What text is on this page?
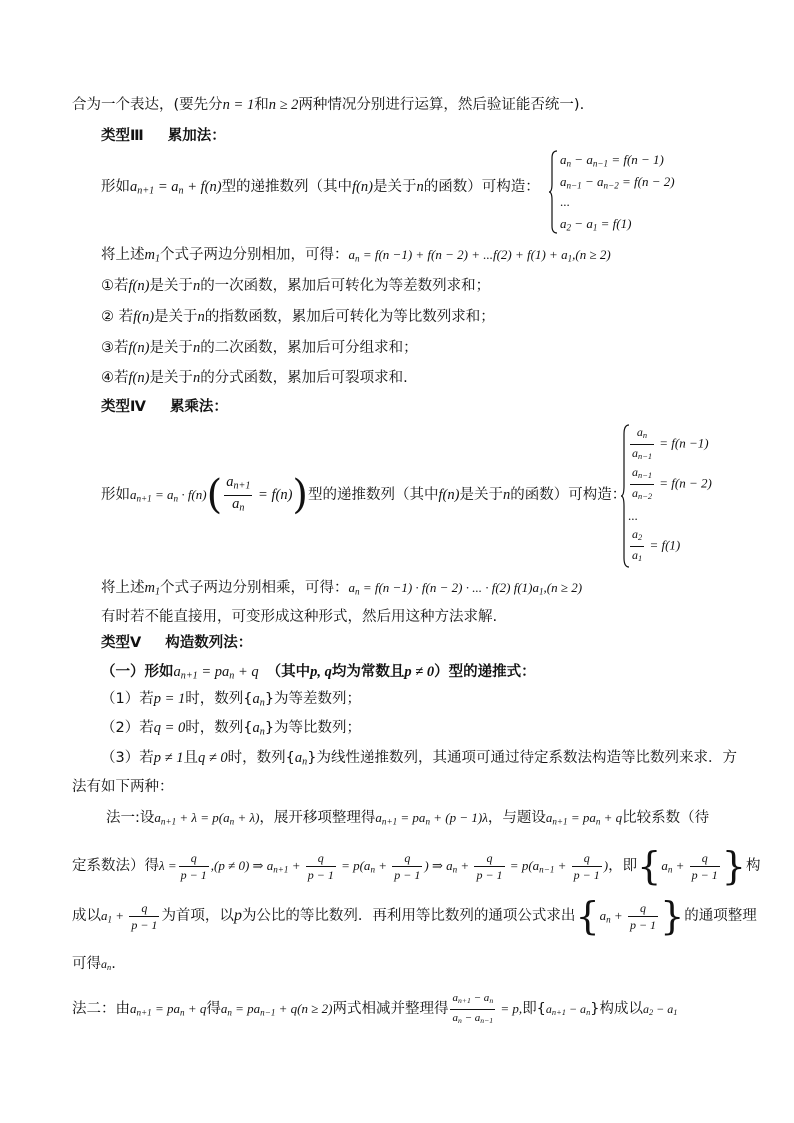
合为一个表达，(要先分n = 1和n ≥ 2两种情况分别进行运算，然后验证能否统一).
类型Ⅲ 累加法：
形如$a_{n+1} = a_n + f(n)$型的递推数列（其中f(n)是关于n的函数）可构造：
$a_n - a_{n-1} = f(n - 1)$
$a_{n-1} - a_{n-2} = f(n - 2)$
...
$a_2 - a_1 = f(1)$
将上述$m_1$个式子两边分别相加，可得：$a_n = f(n -1) + f(n - 2) + ...f(2) + f(1) + a_1,(n \ge 2)$
①若f(n)是关于n的一次函数，累加后可转化为等差数列求和；
② 若f(n)是关于n的指数函数，累加后可转化为等比数列求和；
③若f(n)是关于n的二次函数，累加后可分组求和；
④若f(n)是关于n的分式函数，累加后可裂项求和.
类型Ⅳ 累乘法：
形如$a_{n+1} = a_n \cdot f(n)( \frac{a_{n+1}}{a_n} = f(n))$型的递推数列（其中f(n)是关于n的函数）可构造：
$\frac{a_n}{a_{n-1}} = f(n -1)$
$\frac{a_{n-1}}{a_{n-2}} = f(n - 2)$
...
$\frac{a_2}{a_1} = f(1)$
将上述$m_1$个式子两边分别相乘，可得：$a_n = f(n -1) \cdot f(n - 2)$ · ... · f(2) $f(1)a_1,(n \ge 2)$
有时若不能直接用，可变形成这种形式，然后用这种方法求解.
类型Ⅴ 构造数列法：
（一）形如$a_{n+1} = pa_n + q$ （其中p, q均为常数且p ≠ 0）型的递推式：
（1）若p = 1时，数列$\{a_n\}$为等差数列；
（2）若q = 0时，数列$\{a_n\}$为等比数列；
（3）若p ≠ 1且q ≠ 0时，数列$\{a_n\}$为线性递推数列，其通项可通过待定系数法构造等比数列来求．方
法有如下两种：
法一:设$a_{n+1} + \lambda = p(a_n + \lambda)$，展开移项整理得$a_{n+1} = pa_n + (p - 1)\lambda$，与题设$a_{n+1} = pa_n + q$比较系数（待
定系数法）得$\lambda = \frac{q}{p - 1} ,(p \ne 0)$ ⇒ $a_{n+1} + \frac{q}{p - 1} = p(a_n + \frac{q}{p - 1}$ ) ⇒ $a_n + \frac{q}{p - 1} = p(a_{n-1} + \frac{q}{p - 1}$ )，即{$a_n + \frac{q}{p - 1}$ }构
成以$a_1 + \frac{q}{p - 1}$ 为首项，以p为公比的等比数列．再利用等比数列的通项公式求出{$a_n + \frac{q}{p - 1}$ }的通项整理
可得$a_n$.
法二：由$a_{n+1} = pa_n + q$得$a_n = pa_{n-1} + q(n \ge 2)$两式相减并整理得 $\frac{a_{n+1} - a_n}{a_n - a_{n-1}} = p$,即$\{a_{n+1} - a_n\}$构成以$a_2 - a_1$
